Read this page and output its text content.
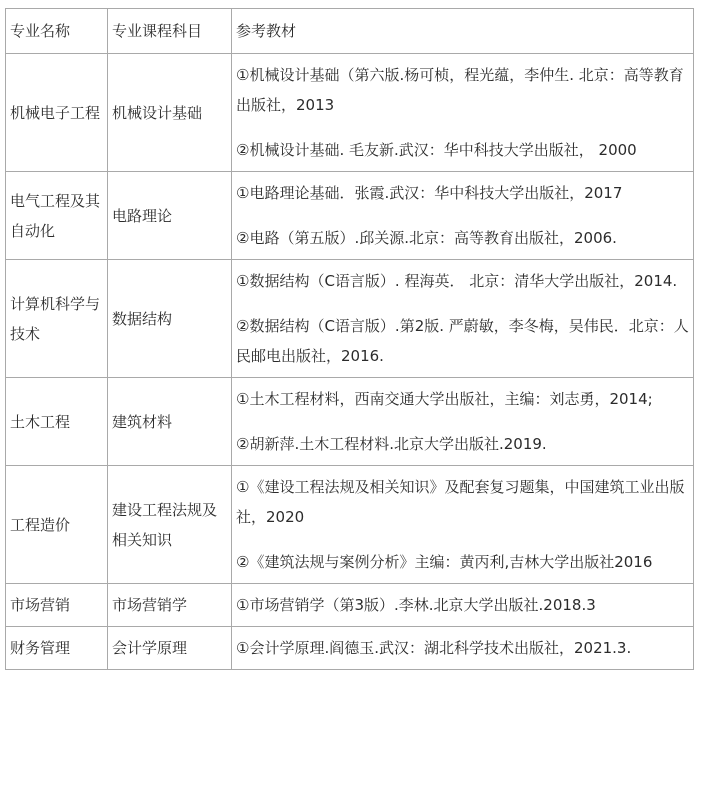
专业名称	专业课程科目	参考教材
机械电子工程	机械设计基础	①机械设计基础（第六版.杨可桢，程光蕴，李仲生. 北京：高等教育出版社，2013

②机械设计基础. 毛友新.武汉：华中科技大学出版社， 2000

电气工程及其自动化	电路理论	①电路理论基础．张霞.武汉：华中科技大学出版社，2017

②电路（第五版）.邱关源.北京：高等教育出版社，2006.

计算机科学与技术	数据结构	①数据结构（C语言版）. 程海英． 北京：清华大学出版社，2014.

②数据结构（C语言版）.第2版. 严蔚敏，李冬梅，吴伟民．北京：人民邮电出版社，2016.

土木工程	建筑材料	①土木工程材料，西南交通大学出版社，主编：刘志勇，2014;

②胡新萍.土木工程材料.北京大学出版社.2019.

工程造价	建设工程法规及相关知识	①《建设工程法规及相关知识》及配套复习题集，中国建筑工业出版社，2020

②《建筑法规与案例分析》主编：黄丙利,吉林大学出版社2016

市场营销	市场营销学	①市场营销学（第3版）.李林.北京大学出版社.2018.3

财务管理	会计学原理	①会计学原理.阎德玉.武汉：湖北科学技术出版社，2021.3.
